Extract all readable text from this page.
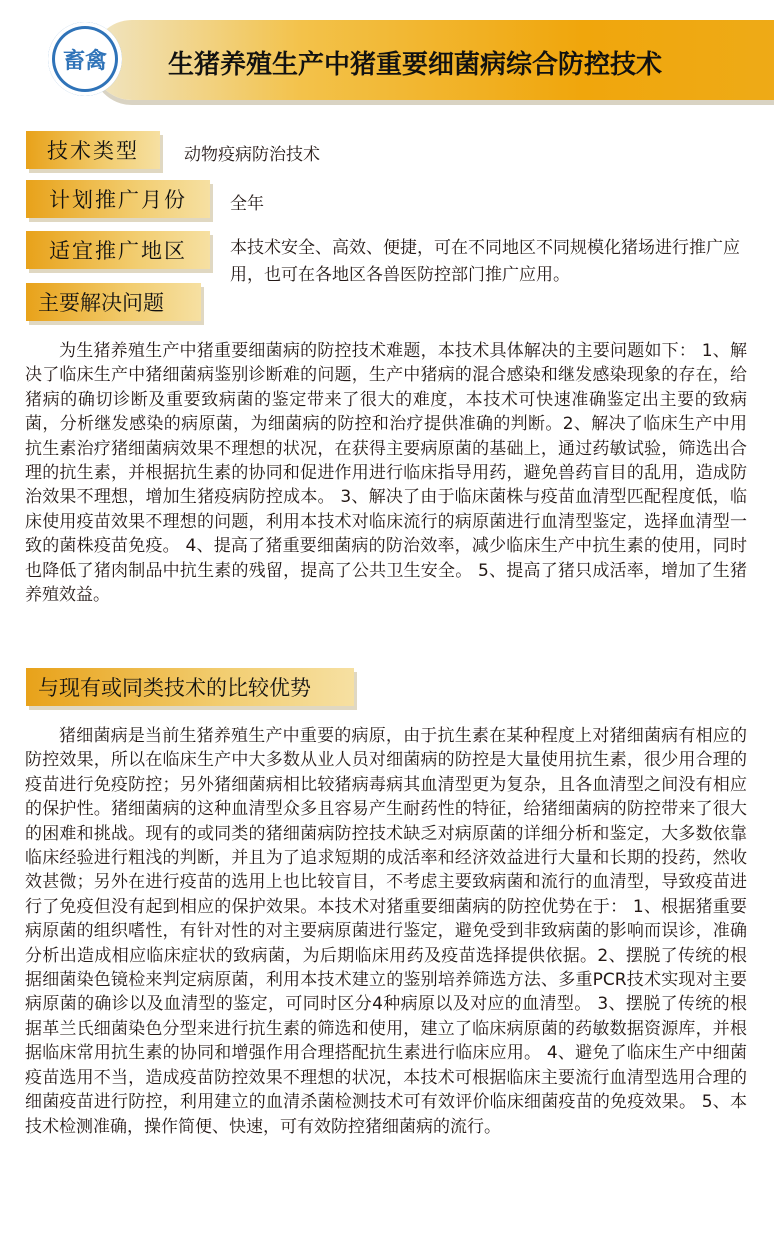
畜禽 生猪养殖生产中猪重要细菌病综合防控技术
技术类型	动物疫病防治技术
计划推广月份	全年
适宜推广地区	本技术安全、高效、便捷，可在不同地区不同规模化猪场进行推广应用，也可在各地区各兽医防控部门推广应用。
主要解决问题
为生猪养殖生产中猪重要细菌病的防控技术难题，本技术具体解决的主要问题如下： 1、解决了临床生产中猪细菌病鉴别诊断难的问题，生产中猪病的混合感染和继发感染现象的存在，给猪病的确切诊断及重要致病菌的鉴定带来了很大的难度，本技术可快速准确鉴定出主要的致病菌，分析继发感染的病原菌，为细菌病的防控和治疗提供准确的判断。2、解决了临床生产中用抗生素治疗猪细菌病效果不理想的状况，在获得主要病原菌的基础上，通过药敏试验，筛选出合理的抗生素，并根据抗生素的协同和促进作用进行临床指导用药，避免兽药盲目的乱用，造成防治效果不理想，增加生猪疫病防控成本。 3、解决了由于临床菌株与疫苗血清型匹配程度低，临床使用疫苗效果不理想的问题，利用本技术对临床流行的病原菌进行血清型鉴定，选择血清型一致的菌株疫苗免疫。 4、提高了猪重要细菌病的防治效率，减少临床生产中抗生素的使用，同时也降低了猪肉制品中抗生素的残留，提高了公共卫生安全。 5、提高了猪只成活率，增加了生猪养殖效益。
与现有或同类技术的比较优势
猪细菌病是当前生猪养殖生产中重要的病原，由于抗生素在某种程度上对猪细菌病有相应的防控效果，所以在临床生产中大多数从业人员对细菌病的防控是大量使用抗生素，很少用合理的疫苗进行免疫防控；另外猪细菌病相比较猪病毒病其血清型更为复杂，且各血清型之间没有相应的保护性。猪细菌病的这种血清型众多且容易产生耐药性的特征，给猪细菌病的防控带来了很大的困难和挑战。现有的或同类的猪细菌病防控技术缺乏对病原菌的详细分析和鉴定，大多数依靠临床经验进行粗浅的判断，并且为了追求短期的成活率和经济效益进行大量和长期的投药，然收效甚微；另外在进行疫苗的选用上也比较盲目，不考虑主要致病菌和流行的血清型，导致疫苗进行了免疫但没有起到相应的保护效果。本技术对猪重要细菌病的防控优势在于： 1、根据猪重要病原菌的组织嗜性，有针对性的对主要病原菌进行鉴定，避免受到非致病菌的影响而误诊，准确分析出造成相应临床症状的致病菌，为后期临床用药及疫苗选择提供依据。2、摆脱了传统的根据细菌染色镜检来判定病原菌，利用本技术建立的鉴别培养筛选方法、多重PCR技术实现对主要病原菌的确诊以及血清型的鉴定，可同时区分4种病原以及对应的血清型。 3、摆脱了传统的根据革兰氏细菌染色分型来进行抗生素的筛选和使用，建立了临床病原菌的药敏数据资源库，并根据临床常用抗生素的协同和增强作用合理搭配抗生素进行临床应用。 4、避免了临床生产中细菌疫苗选用不当，造成疫苗防控效果不理想的状况，本技术可根据临床主要流行血清型选用合理的细菌疫苗进行防控，利用建立的血清杀菌检测技术可有效评价临床细菌疫苗的免疫效果。 5、本技术检测准确，操作简便、快速，可有效防控猪细菌病的流行。
